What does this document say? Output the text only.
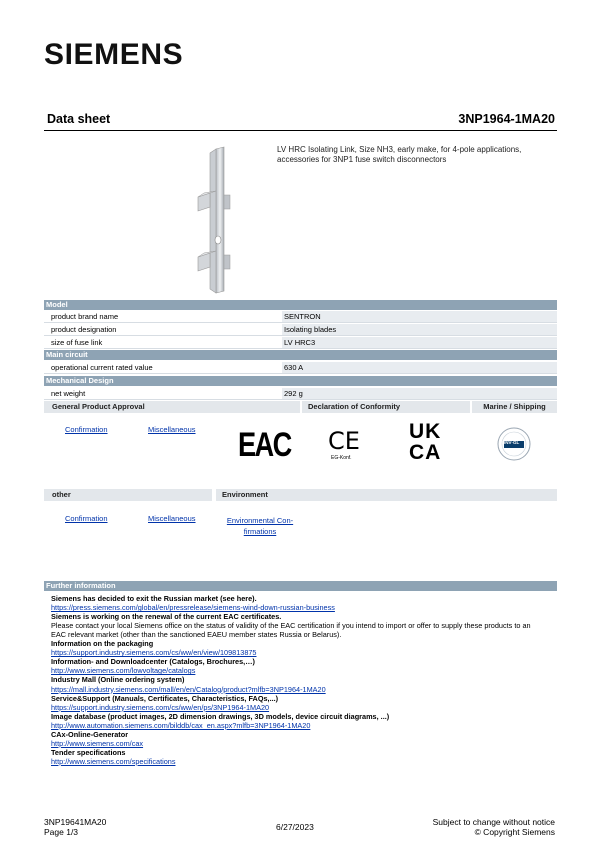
SIEMENS
Data sheet	3NP1964-1MA20
LV HRC Isolating Link, Size NH3, early make, for 4-pole applications, accessories for 3NP1 fuse switch disconnectors
Model
product brand name	SENTRON
product designation	Isolating blades
size of fuse link	LV HRC3
Main circuit
operational current rated value	630 A
Mechanical Design
net weight	292 g
General Product Approval	Declaration of Conformity	Marine / Shipping
Confirmation	Miscellaneous EAC CE
EG-Konf.
UK
CA	DNV·GL
other	Environment
Confirmation	Miscellaneous	Environmental Con-
firmations
Further information
Siemens has decided to exit the Russian market (see here).
https://press.siemens.com/global/en/pressrelease/siemens-wind-down-russian-business
Siemens is working on the renewal of the current EAC certificates.
Please contact your local Siemens office on the status of validity of the EAC certification if you intend to import or offer to supply these products to an
EAC relevant market (other than the sanctioned EAEU member states Russia or Belarus).
Information on the packaging
https://support.industry.siemens.com/cs/ww/en/view/109813875
Information- and Downloadcenter (Catalogs, Brochures,…)
http://www.siemens.com/lowvoltage/catalogs
Industry Mall (Online ordering system)
https://mall.industry.siemens.com/mall/en/en/Catalog/product?mlfb=3NP1964-1MA20
Service&Support (Manuals, Certificates, Characteristics, FAQs,...)
https://support.industry.siemens.com/cs/ww/en/ps/3NP1964-1MA20
Image database (product images, 2D dimension drawings, 3D models, device circuit diagrams, ...)
http://www.automation.siemens.com/bilddb/cax_en.aspx?mlfb=3NP1964-1MA20
CAx-Online-Generator
http://www.siemens.com/cax
Tender specifications
http://www.siemens.com/specifications
3NP19641MA20
Page 1/3	6/27/2023	Subject to change without notice
© Copyright Siemens
